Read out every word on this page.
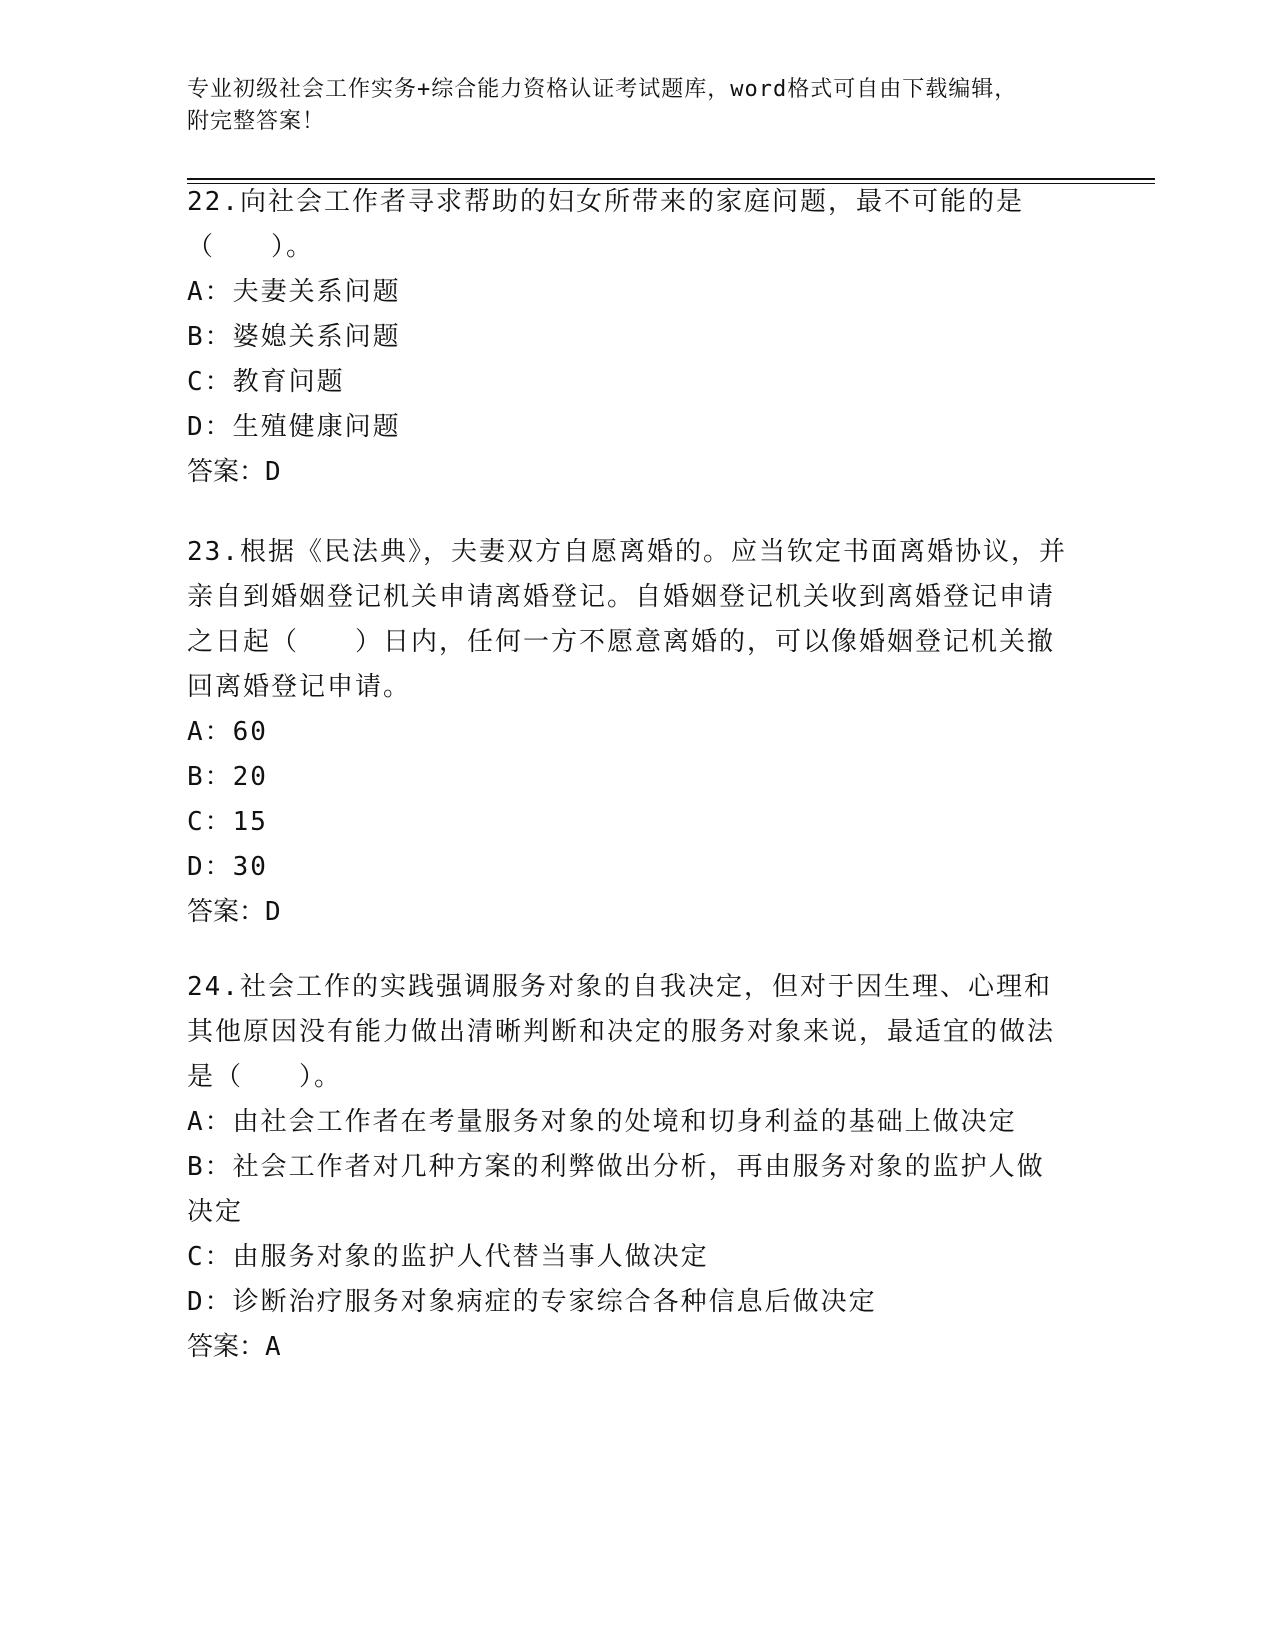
专业初级社会工作实务+综合能力资格认证考试题库，word格式可自由下载编辑，
附完整答案！

22.向社会工作者寻求帮助的妇女所带来的家庭问题，最不可能的是（　　）。

A：夫妻关系问题
B：婆媳关系问题
C：教育问题
D：生殖健康问题
答案：D

23.根据《民法典》，夫妻双方自愿离婚的。应当钦定书面离婚协议，并亲自到婚姻登记机关申请离婚登记。自婚姻登记机关收到离婚登记申请之日起（　　）日内，任何一方不愿意离婚的，可以像婚姻登记机关撤回离婚登记申请。

A：60
B：20
C：15
D：30
答案：D

24.社会工作的实践强调服务对象的自我决定，但对于因生理、心理和其他原因没有能力做出清晰判断和决定的服务对象来说，最适宜的做法是（　　）。

A：由社会工作者在考量服务对象的处境和切身利益的基础上做决定
B：社会工作者对几种方案的利弊做出分析，再由服务对象的监护人做决定
C：由服务对象的监护人代替当事人做决定
D：诊断治疗服务对象病症的专家综合各种信息后做决定
答案：A
